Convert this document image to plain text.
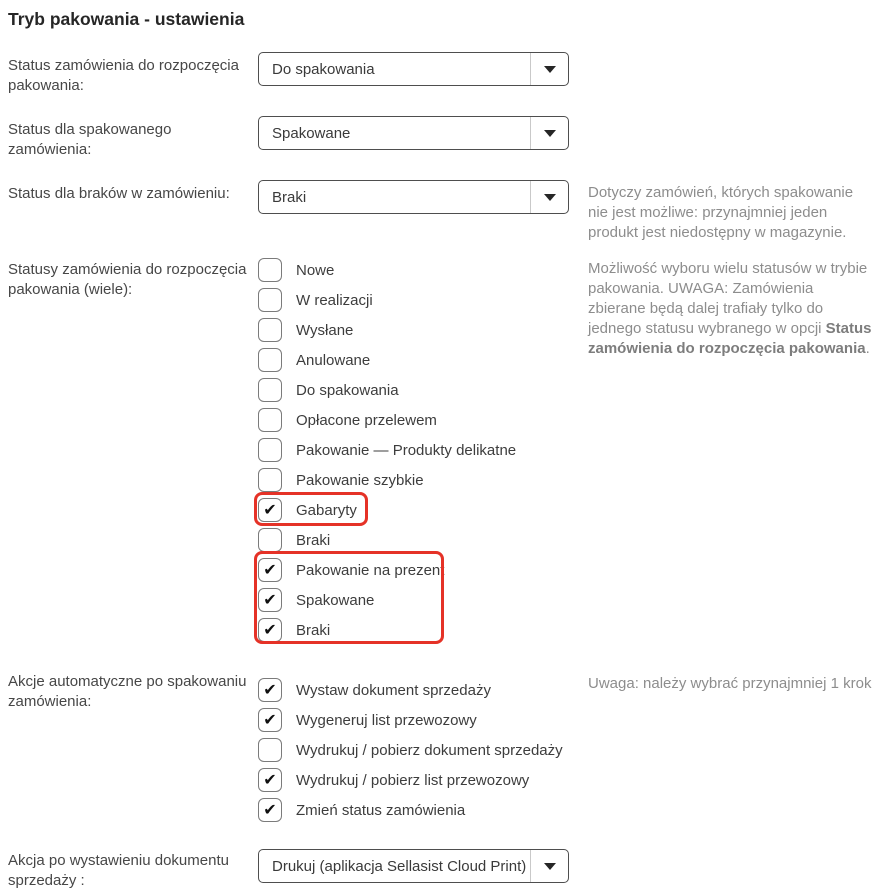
Tryb pakowania - ustawienia
Status zamówienia do rozpoczęcia pakowania:
Do spakowania
Status dla spakowanego zamówienia:
Spakowane
Status dla braków w zamówieniu:	Braki	Dotyczy zamówień, których spakowanie nie jest możliwe: przynajmniej jeden produkt jest niedostępny w magazynie.
Statusy zamówienia do rozpoczęcia pakowania (wiele):
Nowe
W realizacji
Wysłane
Anulowane
Do spakowania
Opłacone przelewem
Pakowanie — Produkty delikatne
Pakowanie szybkie
✔ Gabaryty
Braki
✔ Pakowanie na prezent
✔ Spakowane
✔ Braki
Możliwość wyboru wielu statusów w trybie pakowania. UWAGA: Zamówienia zbierane będą dalej trafiały tylko do jednego statusu wybranego w opcji Status zamówienia do rozpoczęcia pakowania.
Akcje automatyczne po spakowaniu zamówienia:
✔ Wystaw dokument sprzedaży
✔ Wygeneruj list przewozowy
Wydrukuj / pobierz dokument sprzedaży
✔ Wydrukuj / pobierz list przewozowy
✔ Zmień status zamówienia
Uwaga: należy wybrać przynajmniej 1 krok
Akcja po wystawieniu dokumentu sprzedaży :
Drukuj (aplikacja Sellasist Cloud Print)
